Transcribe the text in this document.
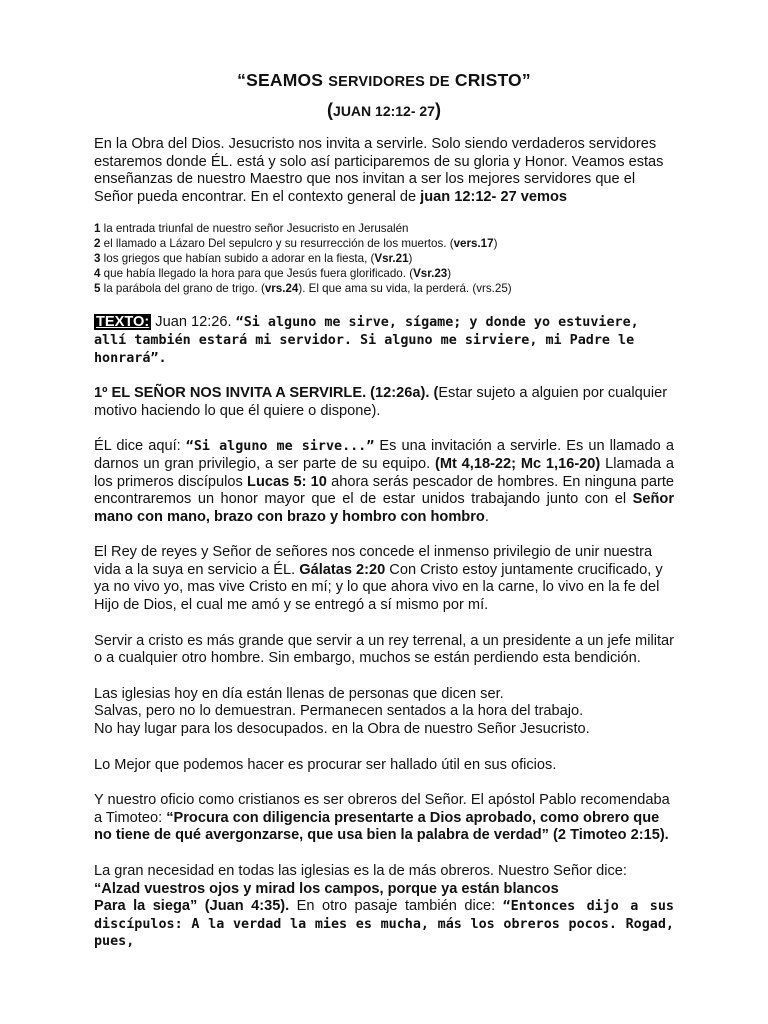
“SEAMOS SERVIDORES DE CRISTO”
(JUAN 12:12- 27)

En la Obra del Dios. Jesucristo nos invita a servirle. Solo siendo verdaderos servidores estaremos donde ÉL. está y solo así participaremos de su gloria y Honor. Veamos estas enseñanzas de nuestro Maestro que nos invitan a ser los mejores servidores que el Señor pueda encontrar. En el contexto general de juan 12:12- 27 vemos

1 la entrada triunfal de nuestro señor Jesucristo en Jerusalén
2 el llamado a Lázaro Del sepulcro y su resurrección de los muertos. (vers.17)
3 los griegos que habían subido a adorar en la fiesta, (Vsr.21)
4 que había llegado la hora para que Jesús fuera glorificado. (Vsr.23)
5 la parábola del grano de trigo. (vrs.24). El que ama su vida, la perderá. (vrs.25)

TEXTO: Juan 12:26. “Si alguno me sirve, sígame; y donde yo estuviere, allí también estará mi servidor. Si alguno me sirviere, mi Padre le honrará”.

1º EL SEÑOR NOS INVITA A SERVIRLE. (12:26a). (Estar sujeto a alguien por cualquier motivo haciendo lo que él quiere o dispone).

ÉL dice aquí: “Si alguno me sirve...” Es una invitación a servirle. Es un llamado a darnos un gran privilegio, a ser parte de su equipo. (Mt 4,18-22; Mc 1,16-20) Llamada a los primeros discípulos Lucas 5: 10 ahora serás pescador de hombres. En ninguna parte encontraremos un honor mayor que el de estar unidos trabajando junto con el Señor mano con mano, brazo con brazo y hombro con hombro.

El Rey de reyes y Señor de señores nos concede el inmenso privilegio de unir nuestra vida a la suya en servicio a ÉL. Gálatas 2:20 Con Cristo estoy juntamente crucificado, y ya no vivo yo, mas vive Cristo en mí; y lo que ahora vivo en la carne, lo vivo en la fe del Hijo de Dios, el cual me amó y se entregó a sí mismo por mí.

Servir a cristo es más grande que servir a un rey terrenal, a un presidente a un jefe militar o a cualquier otro hombre. Sin embargo, muchos se están perdiendo esta bendición.

Las iglesias hoy en día están llenas de personas que dicen ser.
Salvas, pero no lo demuestran. Permanecen sentados a la hora del trabajo.
No hay lugar para los desocupados. en la Obra de nuestro Señor Jesucristo.

Lo Mejor que podemos hacer es procurar ser hallado útil en sus oficios.

Y nuestro oficio como cristianos es ser obreros del Señor. El apóstol Pablo recomendaba a Timoteo: “Procura con diligencia presentarte a Dios aprobado, como obrero que no tiene de qué avergonzarse, que usa bien la palabra de verdad” (2 Timoteo 2:15).

La gran necesidad en todas las iglesias es la de más obreros. Nuestro Señor dice:
“Alzad vuestros ojos y mirad los campos, porque ya están blancos
Para la siega” (Juan 4:35). En otro pasaje también dice: “Entonces dijo a sus discípulos: A la verdad la mies es mucha, más los obreros pocos. Rogad, pues,
